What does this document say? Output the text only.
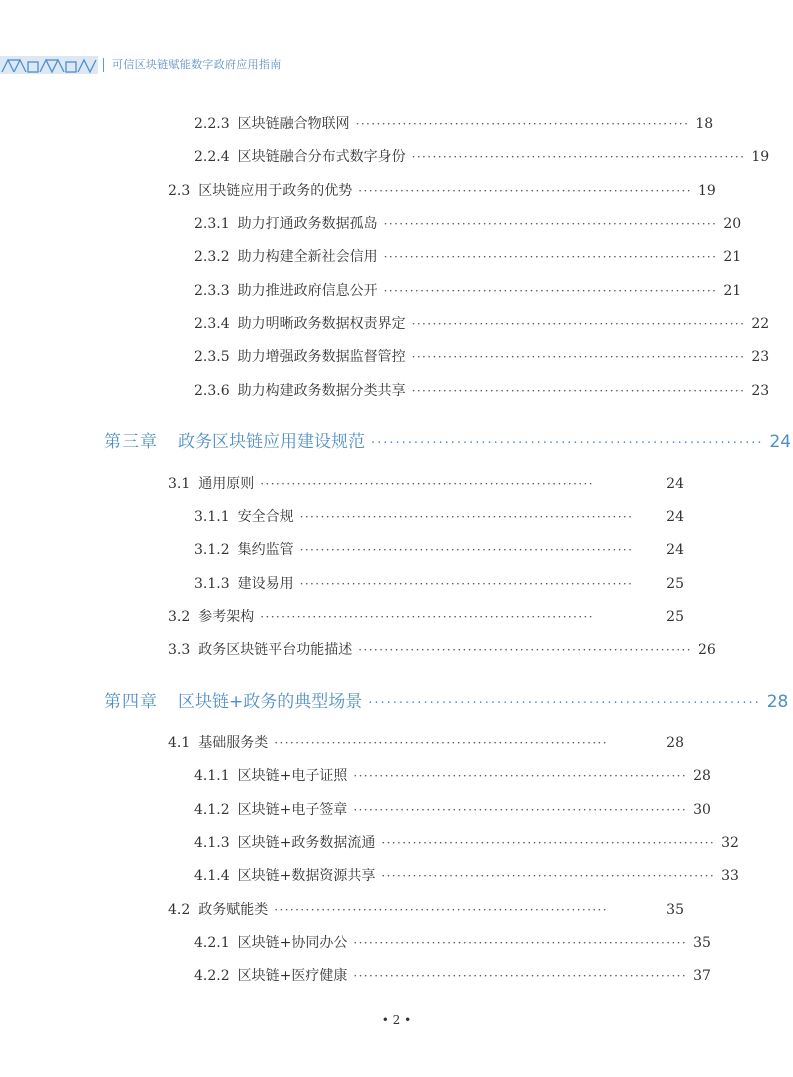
可信区块链赋能数字政府应用指南
2.2.3 区块链融合物联网 ································································ 18
2.2.4 区块链融合分布式数字身份 ································································ 19
2.3 区块链应用于政务的优势 ································································ 19
2.3.1 助力打通政务数据孤岛 ································································ 20
2.3.2 助力构建全新社会信用 ································································ 21
2.3.3 助力推进政府信息公开 ································································ 21
2.3.4 助力明晰政务数据权责界定 ································································ 22
2.3.5 助力增强政务数据监督管控 ································································ 23
2.3.6 助力构建政务数据分类共享 ································································ 23
第三章 政务区块链应用建设规范 ································································ 24
3.1 通用原则 ································································	24
3.1.1 安全合规 ································································	24
3.1.2 集约监管 ································································	24
3.1.3 建设易用 ································································	25
3.2 参考架构 ································································	25
3.3 政务区块链平台功能描述 ································································ 26
第四章 区块链+政务的典型场景 ································································ 28
4.1 基础服务类 ································································	28
4.1.1 区块链+电子证照 ································································ 28
4.1.2 区块链+电子签章 ································································ 30
4.1.3 区块链+政务数据流通 ································································ 32
4.1.4 区块链+数据资源共享 ································································ 33
4.2 政务赋能类 ································································	35
4.2.1 区块链+协同办公 ································································ 35
4.2.2 区块链+医疗健康 ································································ 37
• 2 •
